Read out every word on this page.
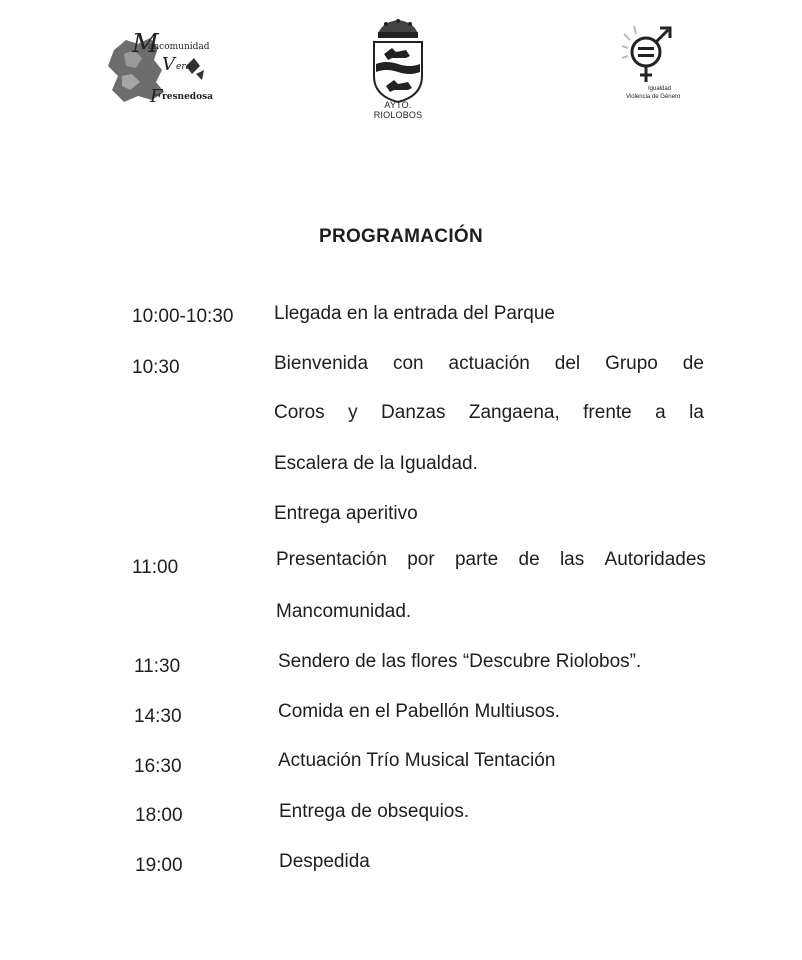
M
V
F
ancomunidad
era
resnedosa
AYTO. RIOLOBOS
Igualdad
Violencia de Género
PROGRAMACIÓN
10:00-10:30 Llegada en la entrada del Parque
10:30	Bienvenida con actuación del Grupo de
Coros y Danzas Zangaena, frente a la
Escalera de la Igualdad.
Entrega aperitivo
11:00	Presentación por parte de las Autoridades
Mancomunidad.
11:30	Sendero de las flores “Descubre Riolobos”.
14:30	Comida en el Pabellón Multiusos.
16:30	Actuación Trío Musical Tentación
18:00	Entrega de obsequios.
19:00	Despedida
